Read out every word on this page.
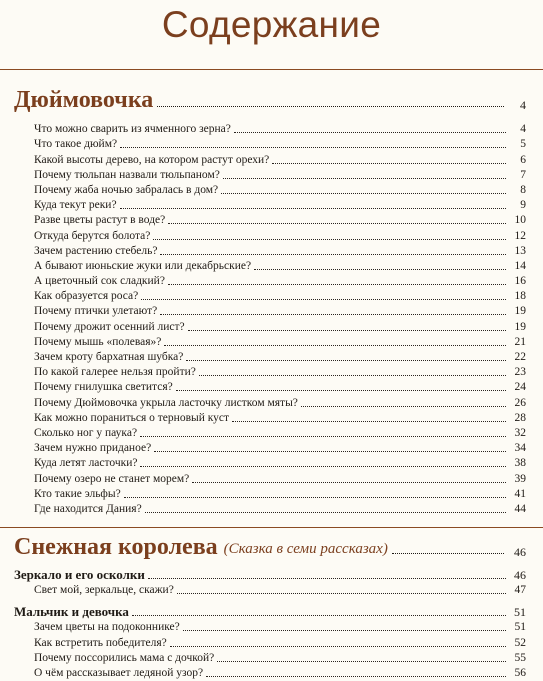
Содержание
Дюймовочка	4
Что можно сварить из ячменного зерна?	4
Что такое дюйм?	5
Какой высоты дерево, на котором растут орехи?	6
Почему тюльпан назвали тюльпаном?	7
Почему жаба ночью забралась в дом?	8
Куда текут реки?	9
Разве цветы растут в воде?	10
Откуда берутся болота?	12
Зачем растению стебель?	13
А бывают июньские жуки или декабрьские?	14
А цветочный сок сладкий?	16
Как образуется роса?	18
Почему птички улетают?	19
Почему дрожит осенний лист?	19
Почему мышь «полевая»?	21
Зачем кроту бархатная шубка?	22
По какой галерее нельзя пройти?	23
Почему гнилушка светится?	24
Почему Дюймовочка укрыла ласточку листком мяты?	26
Как можно пораниться о терновый куст	28
Сколько ног у паука?	32
Зачем нужно приданое?	34
Куда летят ласточки?	38
Почему озеро не станет морем?	39
Кто такие эльфы?	41
Где находится Дания?	44
Снежная королева (Сказка в семи рассказах)	46
Зеркало и его осколки	46
Свет мой, зеркальце, скажи?	47
Мальчик и девочка	51
Зачем цветы на подоконнике?	51
Как встретить победителя?	52
Почему поссорились мама с дочкой?	55
О чём рассказывает ледяной узор?	56
